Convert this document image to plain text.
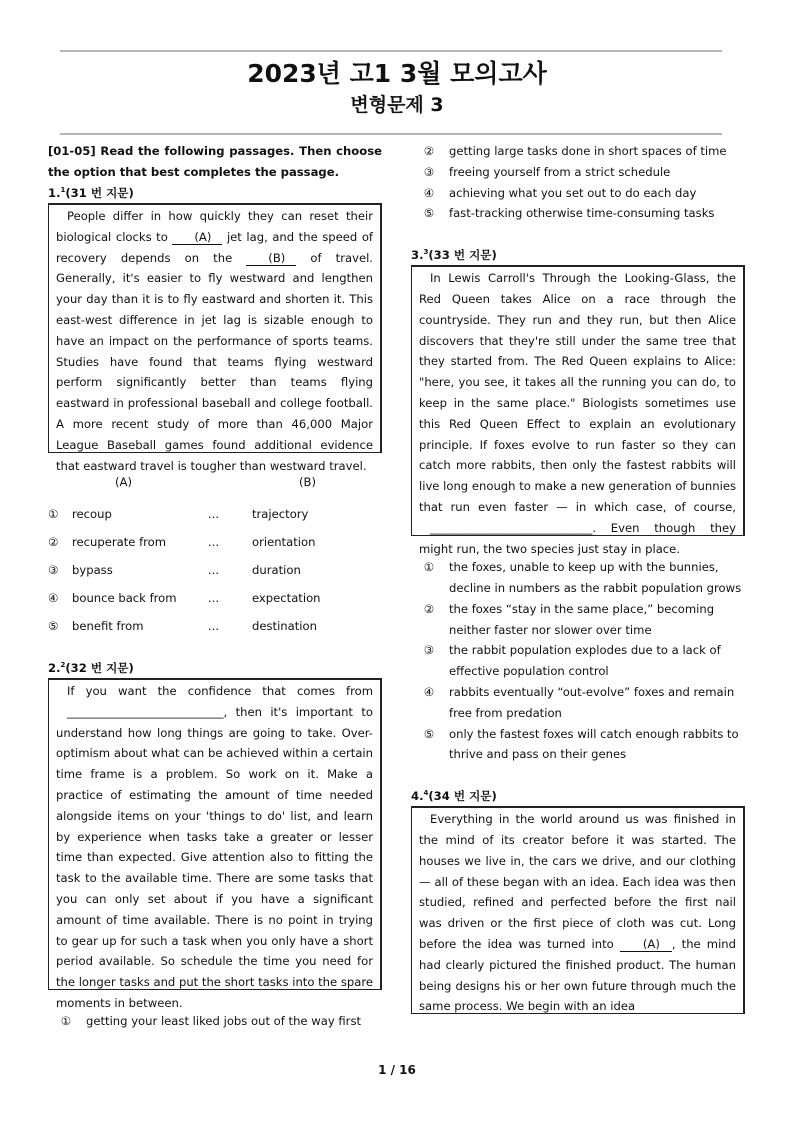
2023년 고1 3월 모의고사
변형문제 3
[01-05] Read the following passages. Then choose the option that best completes the passage.
1.$^1$(31 번 지문)
People differ in how quickly they can reset their biological clocks to (A) jet lag, and the speed of recovery depends on the	(B) of travel. Generally, it's easier to fly westward and lengthen your day than it is to fly eastward and shorten it. This east-west difference in jet lag is sizable enough to have an impact on the performance of sports teams. Studies have found that teams flying westward perform significantly better than teams flying eastward in professional baseball and college football. A more recent study of more than 46,000 Major League Baseball games found additional evidence that eastward travel is tougher than westward travel.
(A)	(B)
① recoup	...	trajectory
② recuperate from	...	orientation
③ bypass	...	duration
④ bounce back from	...	expectation
⑤ benefit from	...	destination
2.$^2$(32 번 지문)
If you want the confidence that comes from ___________________________, then it's important to understand how long things are going to take. Over-optimism about what can be achieved within a certain time frame is a problem. So work on it. Make a practice of estimating the amount of time needed alongside items on your 'things to do' list, and learn by experience when tasks take a greater or lesser time than expected. Give attention also to fitting the task to the available time. There are some tasks that you can only set about if you have a significant amount of time available. There is no point in trying to gear up for such a task when you only have a short period available. So schedule the time you need for the longer tasks and put the short tasks into the spare moments in between.
① getting your least liked jobs out of the way first
② getting large tasks done in short spaces of time
③ freeing yourself from a strict schedule
④ achieving what you set out to do each day
⑤ fast-tracking otherwise time-consuming tasks
3.$^3$(33 번 지문)
In Lewis Carroll's Through the Looking-Glass, the Red Queen takes Alice on a race through the countryside. They run and they run, but then Alice discovers that they're still under the same tree that they started from. The Red Queen explains to Alice: "here, you see, it takes all the running you can do, to keep in the same place." Biologists sometimes use this Red Queen Effect to explain an evolutionary principle. If foxes evolve to run faster so they can catch more rabbits, then only the fastest rabbits will live long enough to make a new generation of bunnies that run even faster — in which case, of course, ____________________________. Even though they might run, the two species just stay in place.
① the foxes, unable to keep up with the bunnies, decline in numbers as the rabbit population grows
② the foxes “stay in the same place,” becoming neither faster nor slower over time
③ the rabbit population explodes due to a lack of effective population control
④ rabbits eventually “out-evolve” foxes and remain free from predation
⑤ only the fastest foxes will catch enough rabbits to thrive and pass on their genes
4.$^4$(34 번 지문)
Everything in the world around us was finished in the mind of its creator before it was started. The houses we live in, the cars we drive, and our clothing — all of these began with an idea. Each idea was then studied, refined and perfected before the first nail was driven or the first piece of cloth was cut. Long before the idea was turned into	(A) , the mind had clearly pictured the finished product. The human being designs his or her own future through much the same process. We begin with an idea
1 / 16
